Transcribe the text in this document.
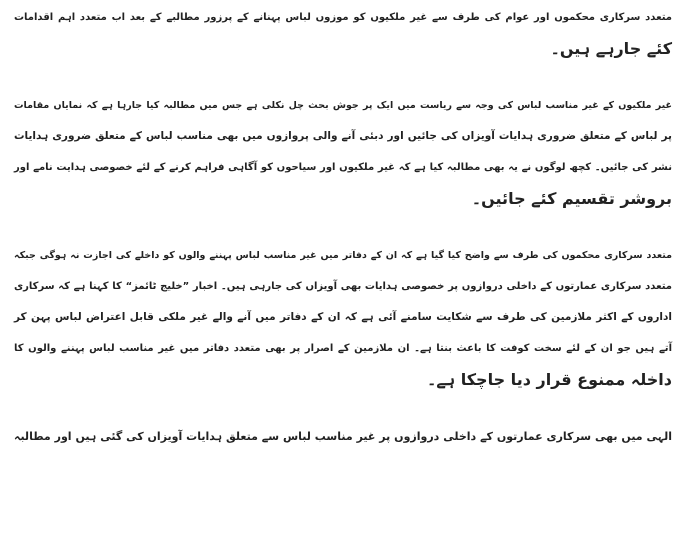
متعدد سرکاری محکموں اور عوام کی طرف سے غیر ملکیوں کو موزوں لباس پہنانے کے پرزور مطالبے کے بعد اب متعدد اہم اقدامات
کئے جارہے ہیں۔

غیر ملکیوں کے غیر مناسب لباس کی وجہ سے ریاست میں ایک پر جوش بحث چل نکلی ہے جس میں مطالبہ کیا جارہا ہے کہ نمایاں مقامات
پر لباس کے متعلق ضروری ہدایات آویزاں کی جائیں اور دبئی آنے والی پروازوں میں بھی مناسب لباس کے متعلق ضروری ہدایات
نشر کی جائیں۔ کچھ لوگوں نے یہ بھی مطالبہ کیا ہے کہ غیر ملکیوں اور سیاحوں کو آگاہی فراہم کرنے کے لئے خصوصی ہدایت نامے اور
بروشر تقسیم کئے جائیں۔

متعدد سرکاری محکموں کی طرف سے واضح کیا گیا ہے کہ ان کے دفاتر میں غیر مناسب لباس پہننے والوں کو داخلے کی اجازت نہ ہوگی جبکہ
متعدد سرکاری عمارتوں کے داخلی دروازوں پر خصوصی ہدایات بھی آویزاں کی جارہی ہیں۔ اخبار ”خلیج ٹائمز“ کا کہنا ہے کہ سرکاری
اداروں کے اکثر ملازمین کی طرف سے شکایت سامنے آئی ہے کہ ان کے دفاتر میں آنے والے غیر ملکی قابل اعتراض لباس پہن کر
آتے ہیں جو ان کے لئے سخت کوفت کا باعث بنتا ہے۔ ان ملازمین کے اصرار پر بھی متعدد دفاتر میں غیر مناسب لباس پہننے والوں کا
داخلہ ممنوع قرار دیا جاچکا ہے۔

الہی میں بھی سرکاری عمارتوں کے داخلی دروازوں پر غیر مناسب لباس سے متعلق ہدایات آویزاں کی گئی ہیں اور مطالبہ
